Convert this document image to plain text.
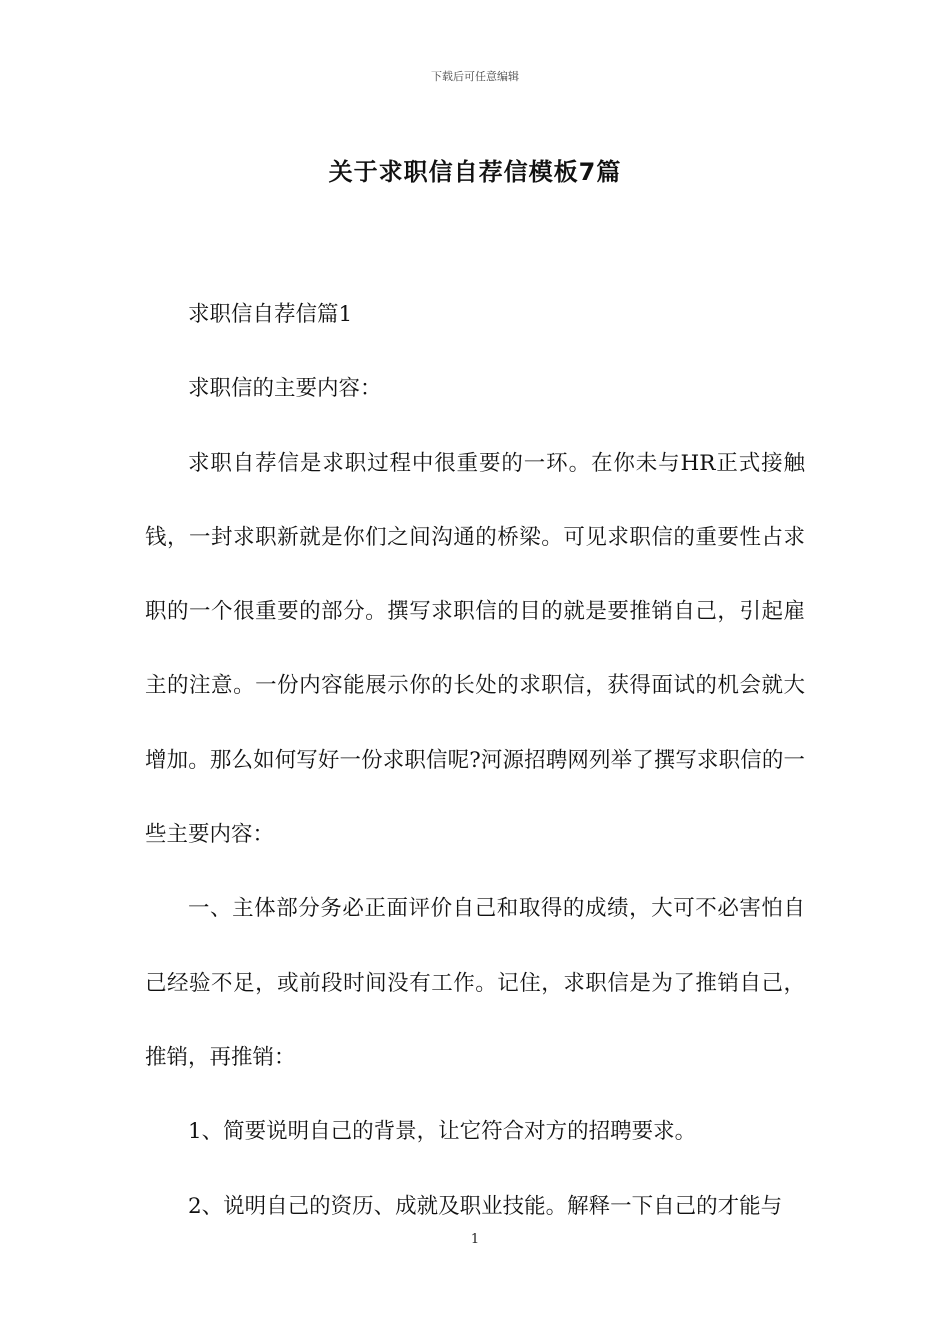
下载后可任意编辑
关于求职信自荐信模板7篇

求职信自荐信篇1

求职信的主要内容：

求职自荐信是求职过程中很重要的一环。在你未与HR正式接触钱，一封求职新就是你们之间沟通的桥梁。可见求职信的重要性占求职的一个很重要的部分。撰写求职信的目的就是要推销自己，引起雇主的注意。一份内容能展示你的长处的求职信，获得面试的机会就大增加。那么如何写好一份求职信呢?河源招聘网列举了撰写求职信的一些主要内容：

一、主体部分务必正面评价自己和取得的成绩，大可不必害怕自己经验不足，或前段时间没有工作。记住，求职信是为了推销自己，推销，再推销：

1、简要说明自己的背景，让它符合对方的招聘要求。

2、说明自己的资历、成就及职业技能。解释一下自己的才能与

1
